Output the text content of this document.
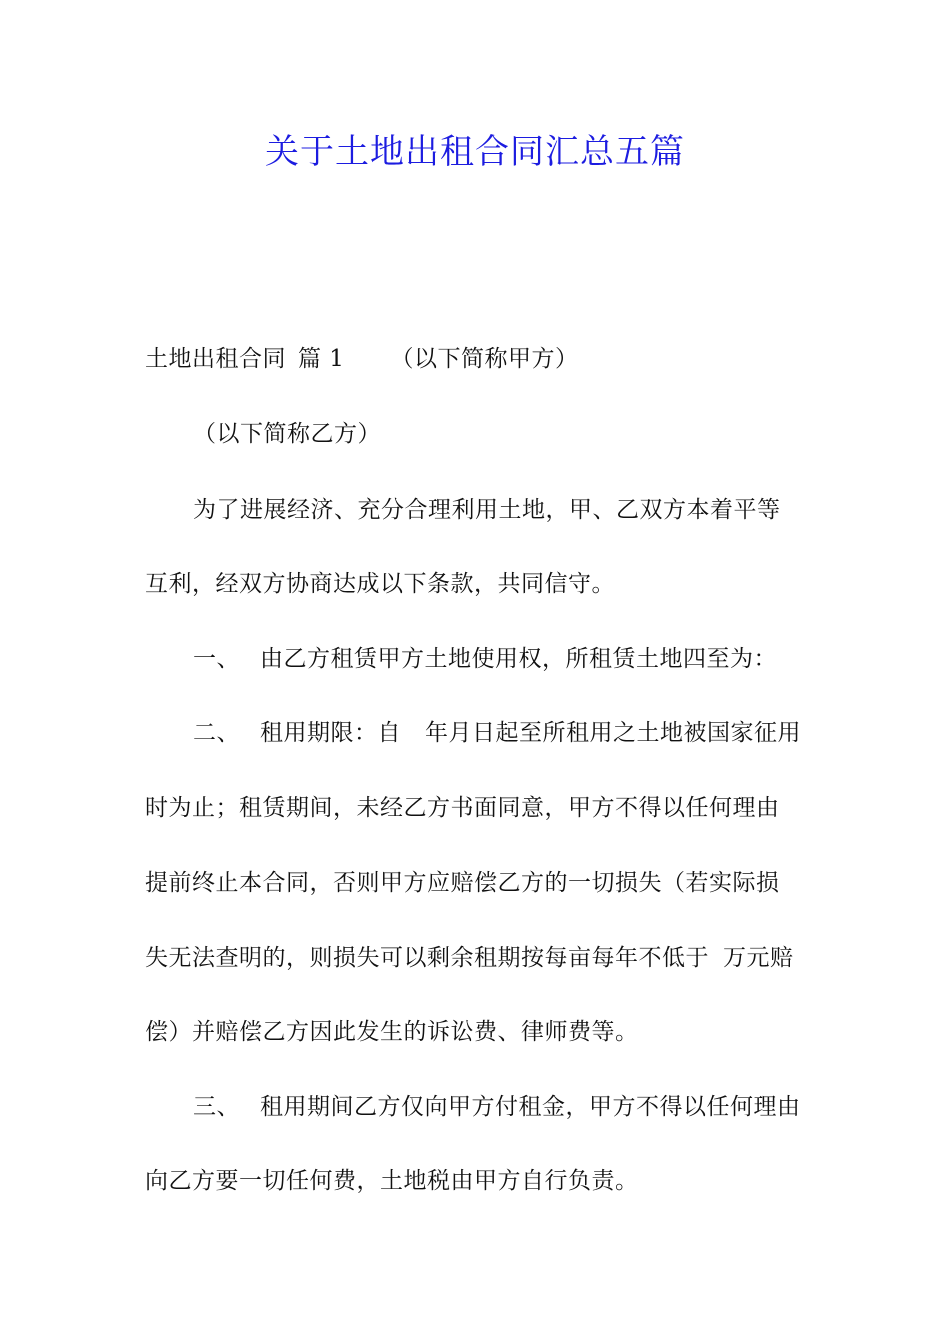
关于土地出租合同汇总五篇
土地出租合同 篇 1 （以下简称甲方）
（以下简称乙方）
为了进展经济、充分合理利用土地，甲、乙双方本着平等
互利，经双方协商达成以下条款，共同信守。
一、 由乙方租赁甲方土地使用权，所租赁土地四至为：
二、 租用期限：自 年月日起至所租用之土地被国家征用
时为止；租赁期间，未经乙方书面同意，甲方不得以任何理由
提前终止本合同，否则甲方应赔偿乙方的一切损失（若实际损
失无法查明的，则损失可以剩余租期按每亩每年不低于 万元赔
偿）并赔偿乙方因此发生的诉讼费、律师费等。
三、 租用期间乙方仅向甲方付租金，甲方不得以任何理由
向乙方要一切任何费，土地税由甲方自行负责。
